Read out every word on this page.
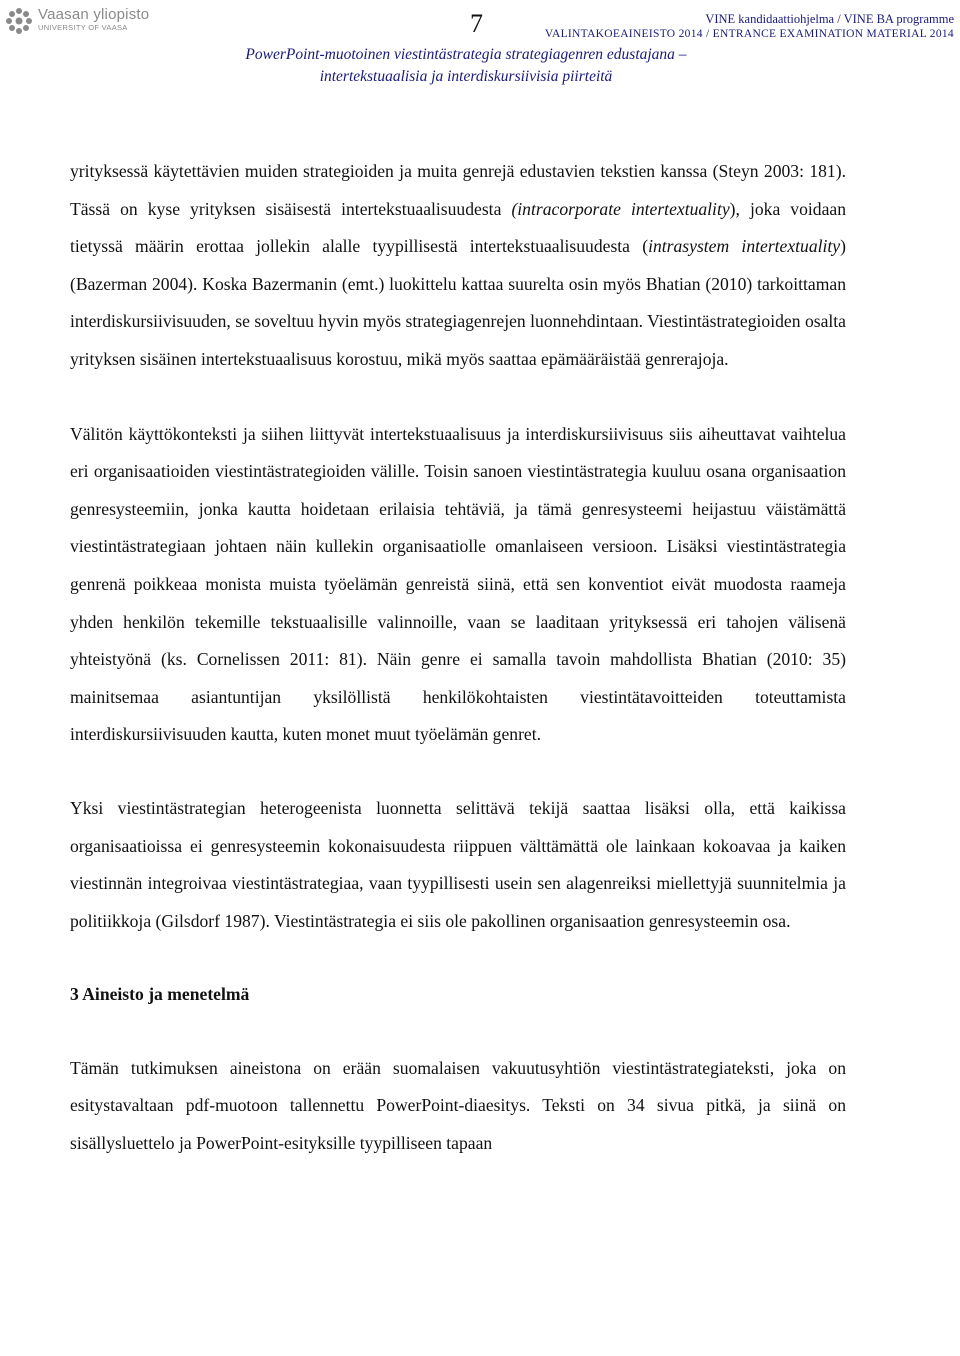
Vaasan yliopisto
UNIVERSITY OF VAASA	7	VINE kandidaattiohjelma / VINE BA programme
VALINTAKOEAINEISTO 2014 / ENTRANCE EXAMINATION MATERIAL 2014
PowerPoint-muotoinen viestintästrategia strategiagenren edustajana –
intertekstuaalisia ja interdiskursiivisia piirteitä

yrityksessä käytettävien muiden strategioiden ja muita genrejä edustavien tekstien kanssa (Steyn 2003: 181). Tässä on kyse yrityksen sisäisestä intertekstuaalisuudesta (intracorporate intertextuality), joka voidaan tietyssä määrin erottaa jollekin alalle tyypillisestä intertekstuaalisuudesta (intrasystem intertextuality) (Bazerman 2004). Koska Bazermanin (emt.) luokittelu kattaa suurelta osin myös Bhatian (2010) tarkoittaman interdiskursiivisuuden, se soveltuu hyvin myös strategiagenrejen luonnehdintaan. Viestintästrategioiden osalta yrityksen sisäinen intertekstuaalisuus korostuu, mikä myös saattaa epämääräistää genrerajoja.

Välitön käyttökonteksti ja siihen liittyvät intertekstuaalisuus ja interdiskursiivisuus siis aiheuttavat vaihtelua eri organisaatioiden viestintästrategioiden välille. Toisin sanoen viestintästrategia kuuluu osana organisaation genresysteemiin, jonka kautta hoidetaan erilaisia tehtäviä, ja tämä genresysteemi heijastuu väistämättä viestintästrategiaan johtaen näin kullekin organisaatiolle omanlaiseen versioon. Lisäksi viestintästrategia genrenä poikkeaa monista muista työelämän genreistä siinä, että sen konventiot eivät muodosta raameja yhden henkilön tekemille tekstuaalisille valinnoille, vaan se laaditaan yrityksessä eri tahojen välisenä yhteistyönä (ks. Cornelissen 2011: 81). Näin genre ei samalla tavoin mahdollista Bhatian (2010: 35) mainitsemaa asiantuntijan yksilöllistä henkilökohtaisten viestintätavoitteiden toteuttamista interdiskursiivisuuden kautta, kuten monet muut työelämän genret.

Yksi viestintästrategian heterogeenista luonnetta selittävä tekijä saattaa lisäksi olla, että kaikissa organisaatioissa ei genresysteemin kokonaisuudesta riippuen välttämättä ole lainkaan kokoavaa ja kaiken viestinnän integroivaa viestintästrategiaa, vaan tyypillisesti usein sen alagenreiksi miellettyjä suunnitelmia ja politiikkoja (Gilsdorf 1987). Viestintästrategia ei siis ole pakollinen organisaation genresysteemin osa.

3 Aineisto ja menetelmä

Tämän tutkimuksen aineistona on erään suomalaisen vakuutusyhtiön viestintästrategiateksti, joka on esitystavaltaan pdf-muotoon tallennettu PowerPoint-diaesitys. Teksti on 34 sivua pitkä, ja siinä on sisällysluettelo ja PowerPoint-esityksille tyypilliseen tapaan
